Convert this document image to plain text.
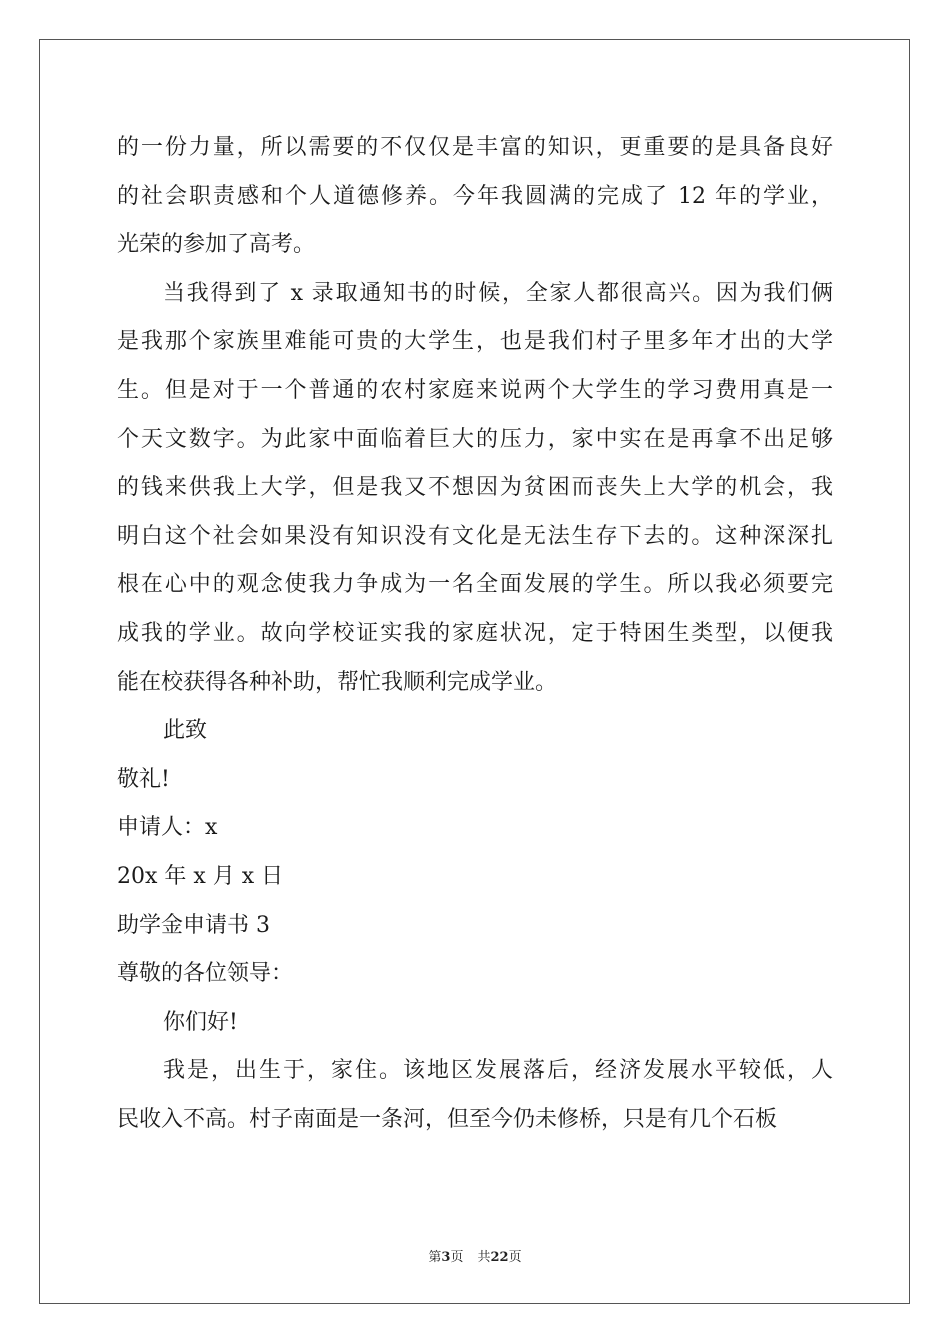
的一份力量，所以需要的不仅仅是丰富的知识，更重要的是具备良好
的社会职责感和个人道德修养。今年我圆满的完成了 12 年的学业，
光荣的参加了高考。
当我得到了 x 录取通知书的时候，全家人都很高兴。因为我们俩
是我那个家族里难能可贵的大学生，也是我们村子里多年才出的大学
生。但是对于一个普通的农村家庭来说两个大学生的学习费用真是一
个天文数字。为此家中面临着巨大的压力，家中实在是再拿不出足够
的钱来供我上大学，但是我又不想因为贫困而丧失上大学的机会，我
明白这个社会如果没有知识没有文化是无法生存下去的。这种深深扎
根在心中的观念使我力争成为一名全面发展的学生。所以我必须要完
成我的学业。故向学校证实我的家庭状况，定于特困生类型，以便我
能在校获得各种补助，帮忙我顺利完成学业。
此致
敬礼!
申请人：x
20x 年 x 月 x 日
助学金申请书 3
尊敬的各位领导：
你们好!
我是，出生于，家住。该地区发展落后，经济发展水平较低，人
民收入不高。村子南面是一条河，但至今仍未修桥，只是有几个石板
第3页 共22页
